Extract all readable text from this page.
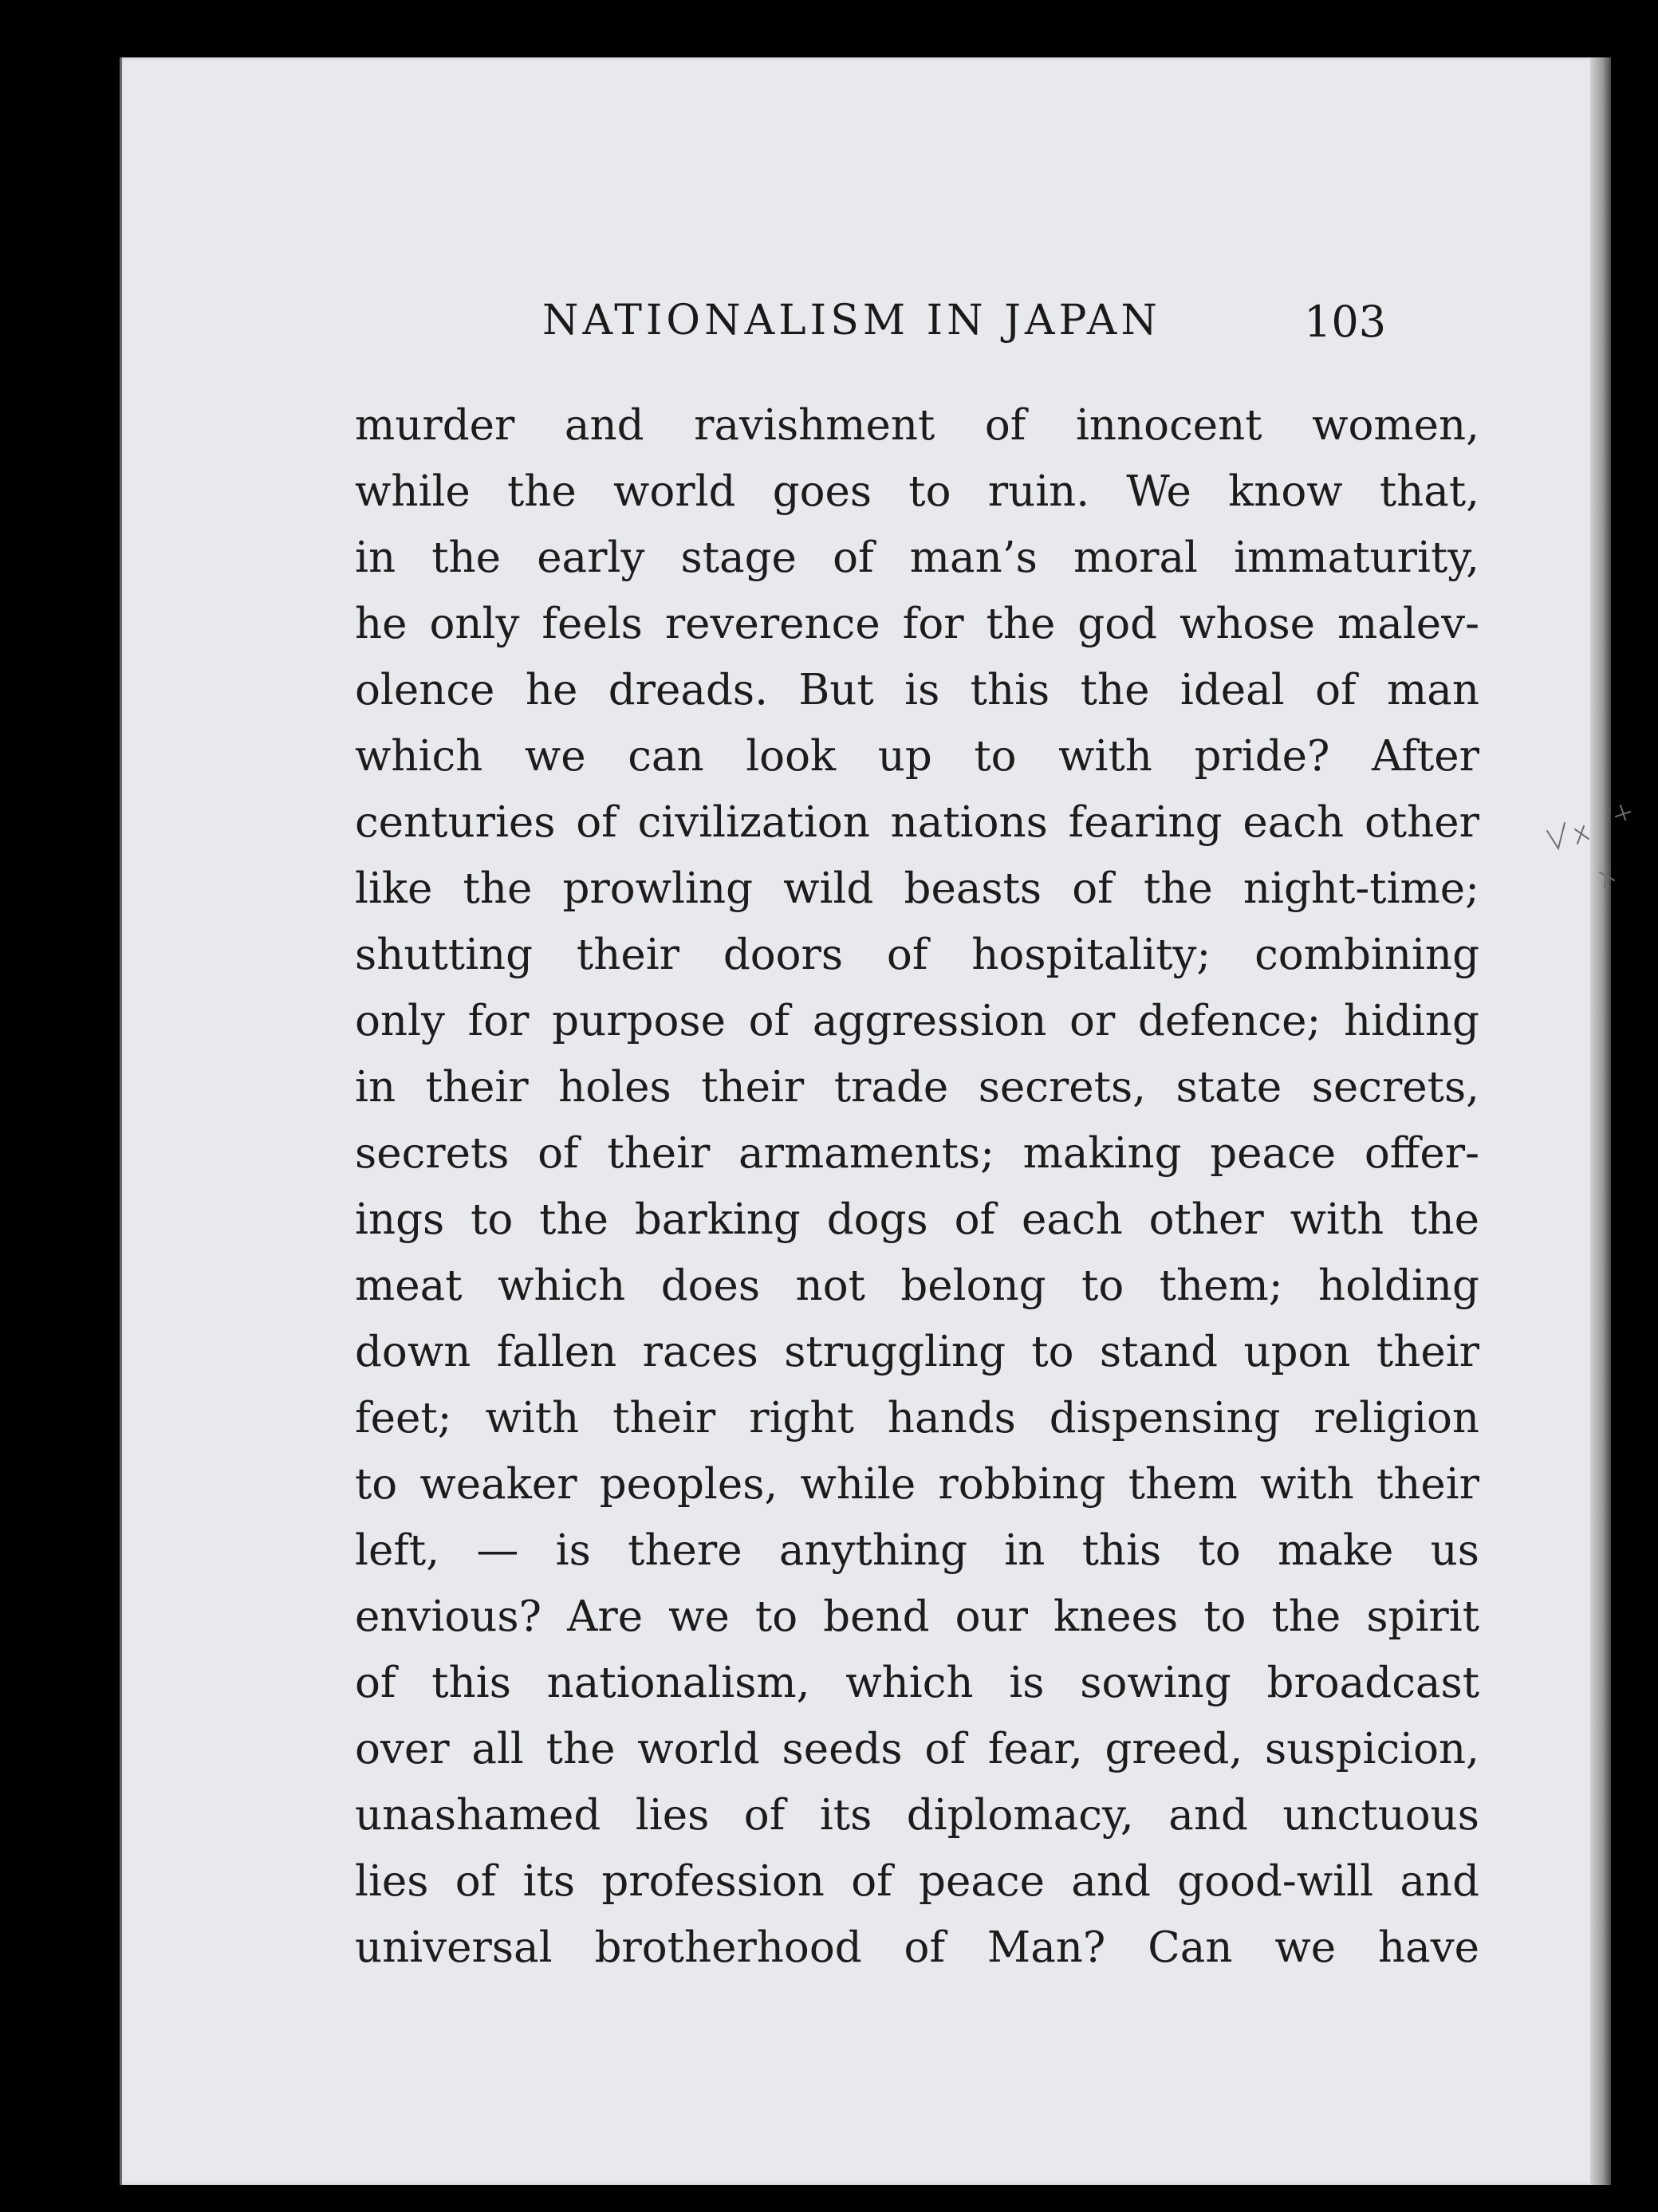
NATIONALISM IN JAPAN	103
murder and ravishment of innocent women,
while the world goes to ruin. We know that,
in the early stage of man’s moral immaturity,
he only feels reverence for the god whose malev-
olence he dreads. But is this the ideal of man
which we can look up to with pride? After
centuries of civilization nations fearing each other
like the prowling wild beasts of the night-time;
shutting their doors of hospitality; combining
only for purpose of aggression or defence; hiding
in their holes their trade secrets, state secrets,
secrets of their armaments; making peace offer-
ings to the barking dogs of each other with the
meat which does not belong to them; holding
down fallen races struggling to stand upon their
feet; with their right hands dispensing religion
to weaker peoples, while robbing them with their
left, — is there anything in this to make us
envious? Are we to bend our knees to the spirit
of this nationalism, which is sowing broadcast
over all the world seeds of fear, greed, suspicion,
unashamed lies of its diplomacy, and unctuous
lies of its profession of peace and good-will and
universal brotherhood of Man? Can we have
